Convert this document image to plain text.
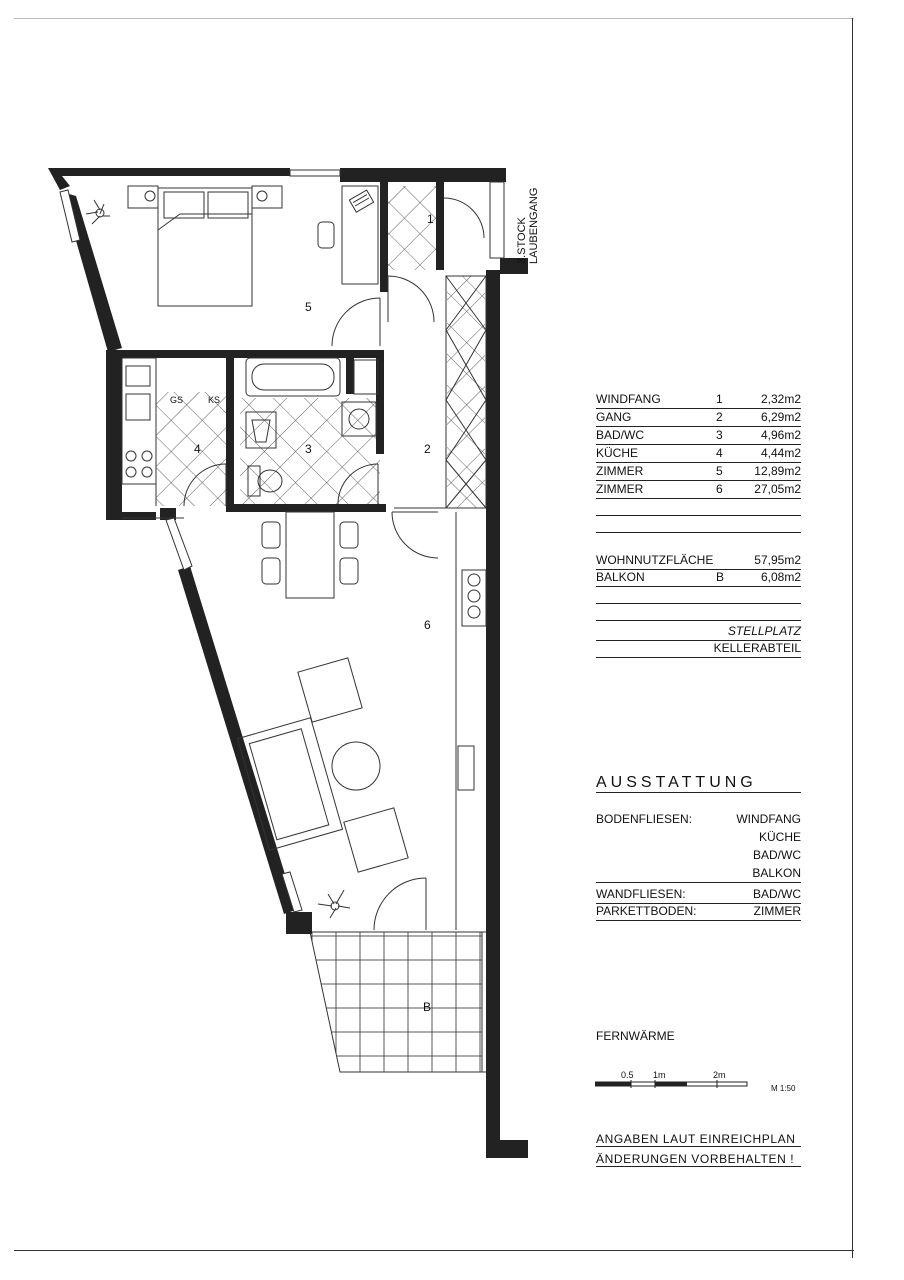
1
2
3
4
5
6
B
GS	KS
3.STOCK LAUBENGANG
WINDFANG	1	2,32m2
GANG	2	6,29m2
BAD/WC	3	4,96m2
KÜCHE	4	4,44m2
ZIMMER	5	12,89m2
ZIMMER	6	27,05m2
WOHNNUTZFLÄCHE	57,95m2
BALKON	B	6,08m2
STELLPLATZ
KELLERABTEIL
AUSSTATTUNG
BODENFLIESEN:	WINDFANG
KÜCHE
BAD/WC
BALKON
WANDFLIESEN:	BAD/WC
PARKETTBODEN:	ZIMMER
FERNWÄRME
0.5 1m	2m
M 1:50
ANGABEN LAUT EINREICHPLAN
ÄNDERUNGEN VORBEHALTEN !
